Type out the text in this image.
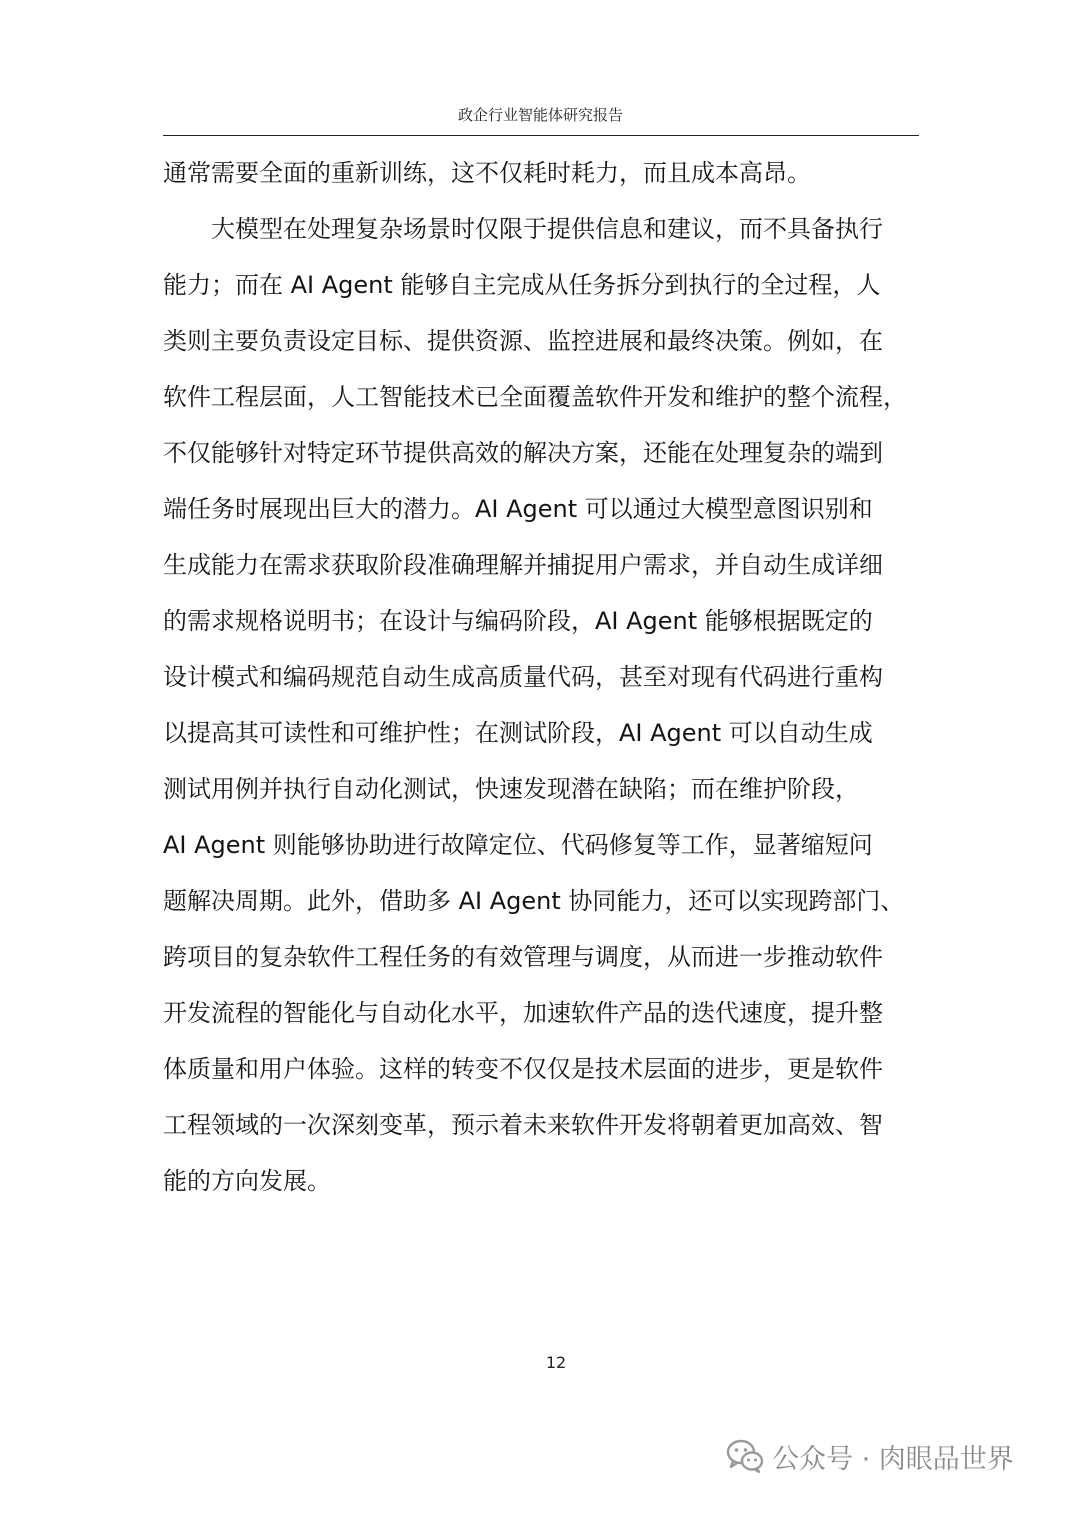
政企行业智能体研究报告
通常需要全面的重新训练，这不仅耗时耗力，而且成本高昂。
　　大模型在处理复杂场景时仅限于提供信息和建议，而不具备执行
能力；而在 AI Agent 能够自主完成从任务拆分到执行的全过程，人
类则主要负责设定目标、提供资源、监控进展和最终决策。例如，在
软件工程层面，人工智能技术已全面覆盖软件开发和维护的整个流程，
不仅能够针对特定环节提供高效的解决方案，还能在处理复杂的端到
端任务时展现出巨大的潜力。AI Agent 可以通过大模型意图识别和
生成能力在需求获取阶段准确理解并捕捉用户需求，并自动生成详细
的需求规格说明书；在设计与编码阶段，AI Agent 能够根据既定的
设计模式和编码规范自动生成高质量代码，甚至对现有代码进行重构
以提高其可读性和可维护性；在测试阶段，AI Agent 可以自动生成
测试用例并执行自动化测试，快速发现潜在缺陷；而在维护阶段，
AI Agent 则能够协助进行故障定位、代码修复等工作，显著缩短问
题解决周期。此外，借助多 AI Agent 协同能力，还可以实现跨部门、
跨项目的复杂软件工程任务的有效管理与调度，从而进一步推动软件
开发流程的智能化与自动化水平，加速软件产品的迭代速度，提升整
体质量和用户体验。这样的转变不仅仅是技术层面的进步，更是软件
工程领域的一次深刻变革，预示着未来软件开发将朝着更加高效、智
能的方向发展。
12
公众号 · 肉眼品世界
